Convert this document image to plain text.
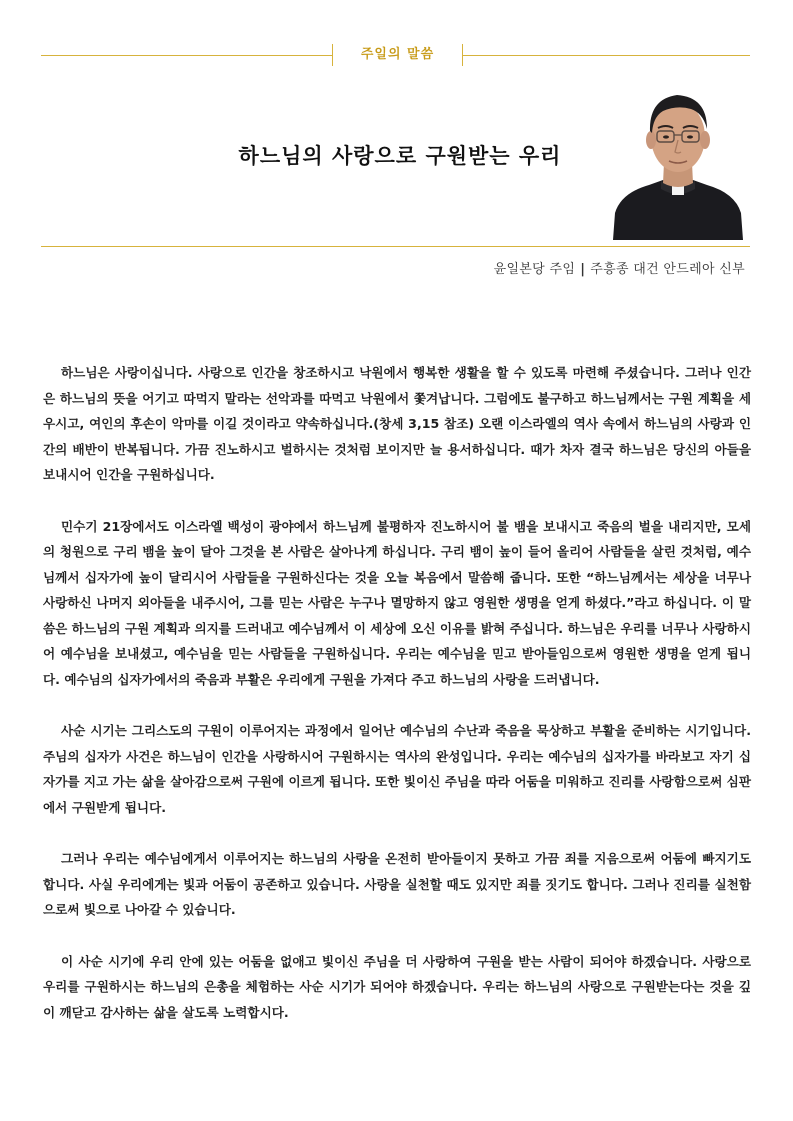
주일의 말씀
하느님의 사랑으로 구원받는 우리
윤일본당 주임 | 주흥종 대건 안드레아 신부

하느님은 사랑이십니다. 사랑으로 인간을 창조하시고 낙원에서 행복한 생활을 할 수 있도록 마련해 주셨습니다. 그러나 인간은 하느님의 뜻을 어기고 따먹지 말라는 선악과를 따먹고 낙원에서 쫓겨납니다. 그럼에도 불구하고 하느님께서는 구원 계획을 세우시고, 여인의 후손이 악마를 이길 것이라고 약속하십니다.(창세 3,15 참조) 오랜 이스라엘의 역사 속에서 하느님의 사랑과 인간의 배반이 반복됩니다. 가끔 진노하시고 벌하시는 것처럼 보이지만 늘 용서하십니다. 때가 차자 결국 하느님은 당신의 아들을 보내시어 인간을 구원하십니다.

민수기 21장에서도 이스라엘 백성이 광야에서 하느님께 불평하자 진노하시어 불 뱀을 보내시고 죽음의 벌을 내리지만, 모세의 청원으로 구리 뱀을 높이 달아 그것을 본 사람은 살아나게 하십니다. 구리 뱀이 높이 들어 올리어 사람들을 살린 것처럼, 예수님께서 십자가에 높이 달리시어 사람들을 구원하신다는 것을 오늘 복음에서 말씀해 줍니다. 또한 “하느님께서는 세상을 너무나 사랑하신 나머지 외아들을 내주시어, 그를 믿는 사람은 누구나 멸망하지 않고 영원한 생명을 얻게 하셨다.”라고 하십니다. 이 말씀은 하느님의 구원 계획과 의지를 드러내고 예수님께서 이 세상에 오신 이유를 밝혀 주십니다. 하느님은 우리를 너무나 사랑하시어 예수님을 보내셨고, 예수님을 믿는 사람들을 구원하십니다. 우리는 예수님을 믿고 받아들임으로써 영원한 생명을 얻게 됩니다. 예수님의 십자가에서의 죽음과 부활은 우리에게 구원을 가져다 주고 하느님의 사랑을 드러냅니다.

사순 시기는 그리스도의 구원이 이루어지는 과정에서 일어난 예수님의 수난과 죽음을 묵상하고 부활을 준비하는 시기입니다. 주님의 십자가 사건은 하느님이 인간을 사랑하시어 구원하시는 역사의 완성입니다. 우리는 예수님의 십자가를 바라보고 자기 십자가를 지고 가는 삶을 살아감으로써 구원에 이르게 됩니다. 또한 빛이신 주님을 따라 어둠을 미워하고 진리를 사랑함으로써 심판에서 구원받게 됩니다.

그러나 우리는 예수님에게서 이루어지는 하느님의 사랑을 온전히 받아들이지 못하고 가끔 죄를 지음으로써 어둠에 빠지기도 합니다. 사실 우리에게는 빛과 어둠이 공존하고 있습니다. 사랑을 실천할 때도 있지만 죄를 짓기도 합니다. 그러나 진리를 실천함으로써 빛으로 나아갈 수 있습니다.

이 사순 시기에 우리 안에 있는 어둠을 없애고 빛이신 주님을 더 사랑하여 구원을 받는 사람이 되어야 하겠습니다. 사랑으로 우리를 구원하시는 하느님의 은총을 체험하는 사순 시기가 되어야 하겠습니다. 우리는 하느님의 사랑으로 구원받는다는 것을 깊이 깨닫고 감사하는 삶을 살도록 노력합시다.
